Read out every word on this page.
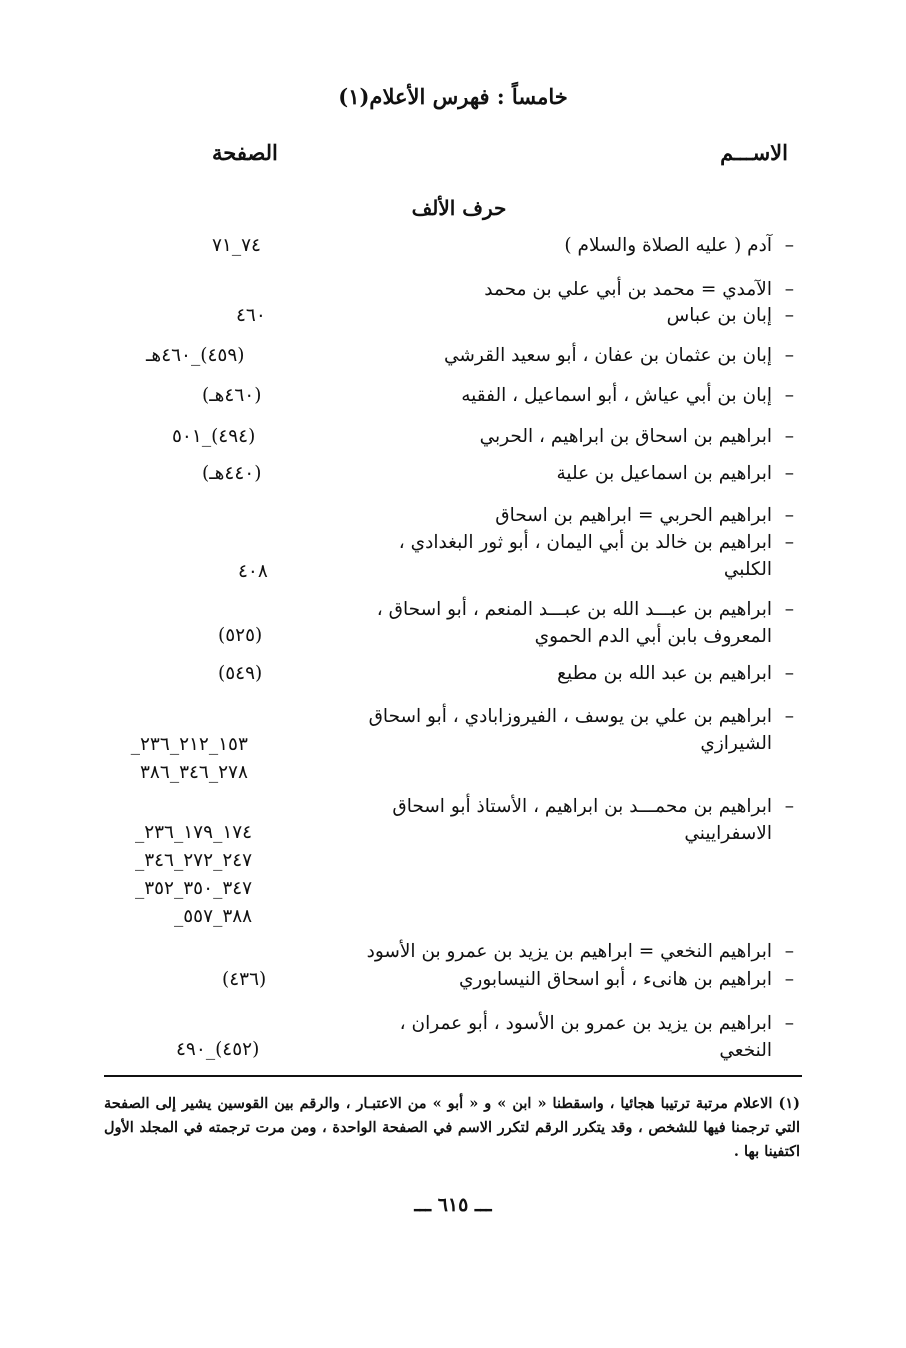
خامساً : فهرس الأعلام(١)
الاســـم
الصفحة
حرف الألف
–آدم ( عليه الصلاة والسلام )
٧٤_٧١
–الآمدي = محمد بن أبي علي بن محمد
–إبان بن عباس
٤٦٠
–إبان بن عثمان بن عفان ، أبو سعيد القرشي
(٤٥٩)_٤٦٠هـ
–إبان بن أبي عياش ، أبو اسماعيل ، الفقيه
(٤٦٠هـ)
–ابراهيم بن اسحاق بن ابراهيم ، الحربي
(٤٩٤)_٥٠١
–ابراهيم بن اسماعيل بن علية
(٤٤٠هـ)
–ابراهيم الحربي = ابراهيم بن اسحاق
–ابراهيم بن خالد بن أبي اليمان ، أبو ثور البغدادي ،
الكلبي
٤٠٨
–ابراهيم بن عبـــد الله بن عبـــد المنعم ، أبو اسحاق ،
المعروف بابن أبي الدم الحموي
(٥٢٥)
–ابراهيم بن عبد الله بن مطيع
(٥٤٩)
–ابراهيم بن علي بن يوسف ، الفيروزابادي ، أبو اسحاق
الشيرازي
١٥٣_٢١٢_٢٣٦_
٢٧٨_٣٤٦_٣٨٦
–ابراهيم بن محمـــد بن ابراهيم ، الأستاذ أبو اسحاق
الاسفراييني
١٧٤_١٧٩_٢٣٦_
٢٤٧_٢٧٢_٣٤٦_
٣٤٧_٣٥٠_٣٥٢_
٣٨٨_٥٥٧_
–ابراهيم النخعي = ابراهيم بن يزيد بن عمرو بن الأسود
–ابراهيم بن هانىء ، أبو اسحاق النيسابوري
(٤٣٦)
–ابراهيم بن يزيد بن عمرو بن الأسود ، أبو عمران ،
النخعي
(٤٥٢)_٤٩٠
(١) الاعلام مرتبة ترتيبا هجائيا ، واسقطنا « ابن » و « أبو » من الاعتبـار ، والرقم بين القوسين يشير إلى الصفحة التي ترجمنا فيها للشخص ، وقد يتكرر الرقم لتكرر الاسم في الصفحة الواحدة ، ومن مرت ترجمته في المجلد الأول اكتفينا بها .
ـــ ٦١٥ ـــ
